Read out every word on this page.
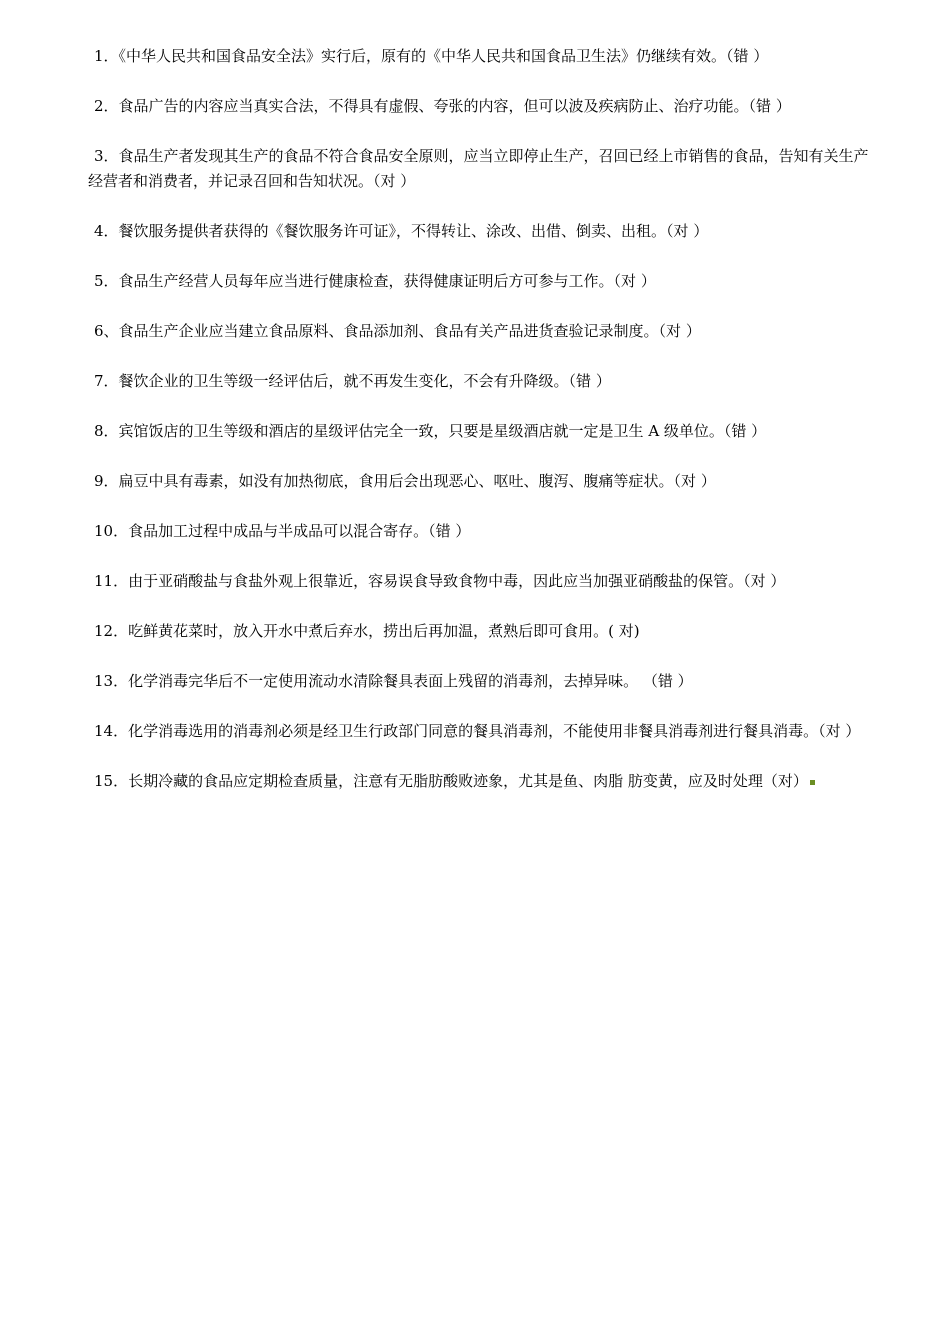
1．《中华人民共和国食品安全法》实行后，原有的《中华人民共和国食品卫生法》仍继续有效。（错 ）

2．食品广告的内容应当真实合法，不得具有虚假、夸张的内容，但可以波及疾病防止、治疗功能。（错 ）

3．食品生产者发现其生产的食品不符合食品安全原则，应当立即停止生产，召回已经上市销售的食品，告知有关生产经营者和消费者，并记录召回和告知状况。（对 ）

4．餐饮服务提供者获得的《餐饮服务许可证》，不得转让、涂改、出借、倒卖、出租。（对 ）

5．食品生产经营人员每年应当进行健康检查，获得健康证明后方可参与工作。（对 ）

6、食品生产企业应当建立食品原料、食品添加剂、食品有关产品进货查验记录制度。（对 ）

7．餐饮企业的卫生等级一经评估后，就不再发生变化，不会有升降级。（错 ）

8．宾馆饭店的卫生等级和酒店的星级评估完全一致，只要是星级酒店就一定是卫生 A 级单位。（错 ）

9．扁豆中具有毒素，如没有加热彻底，食用后会出现恶心、呕吐、腹泻、腹痛等症状。（对 ）

10．食品加工过程中成品与半成品可以混合寄存。（错 ）

11．由于亚硝酸盐与食盐外观上很靠近，容易误食导致食物中毒，因此应当加强亚硝酸盐的保管。（对 ）

12．吃鲜黄花菜时，放入开水中煮后弃水，捞出后再加温，煮熟后即可食用。( 对)

13．化学消毒完华后不一定使用流动水清除餐具表面上残留的消毒剂，去掉异味。 （错 ）

14．化学消毒选用的消毒剂必须是经卫生行政部门同意的餐具消毒剂，不能使用非餐具消毒剂进行餐具消毒。（对 ）

15．长期冷藏的食品应定期检查质量，注意有无脂肪酸败迹象，尤其是鱼、肉脂 肪变黄，应及时处理（对）
